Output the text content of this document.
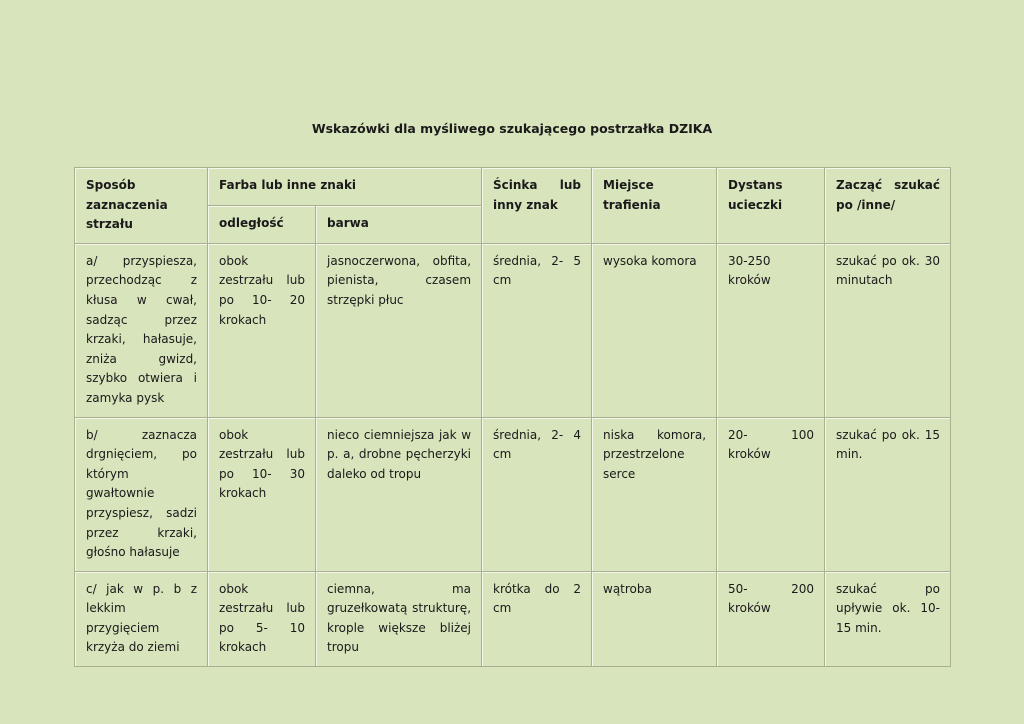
Wskazówki dla myśliwego szukającego postrzałka DZIKA
Sposób zaznaczenia strzału	Farba lub inne znaki		Ścinka lub inny znak	Miejsce trafienia	Dystans ucieczki	Zacząć szukać po /inne/
	odległość	barwa				
a/ przyspiesza, przechodząc z kłusa w cwał, sadząc przez krzaki, hałasuje, zniża gwizd, szybko otwiera i zamyka pysk	obok zestrzału lub po 10- 20 krokach	jasnoczerwona, obfita, pienista, czasem strzępki płuc	średnia, 2- 5 cm	wysoka komora	30-250 kroków	szukać po ok. 30 minutach
b/ zaznacza drgnięciem, po którym gwałtownie przyspiesz, sadzi przez krzaki, głośno hałasuje	obok zestrzału lub po 10- 30 krokach	nieco ciemniejsza jak w p. a, drobne pęcherzyki daleko od tropu	średnia, 2- 4 cm	niska komora, przestrzelone serce	20- 100 kroków	szukać po ok. 15 min.
c/ jak w p. b z lekkim przygięciem krzyża do ziemi	obok zestrzału lub po 5- 10 krokach	ciemna, ma gruzełkowatą strukturę, krople większe bliżej tropu	krótka do 2 cm	wątroba	50- 200 kroków	szukać po upływie ok. 10-15 min.
